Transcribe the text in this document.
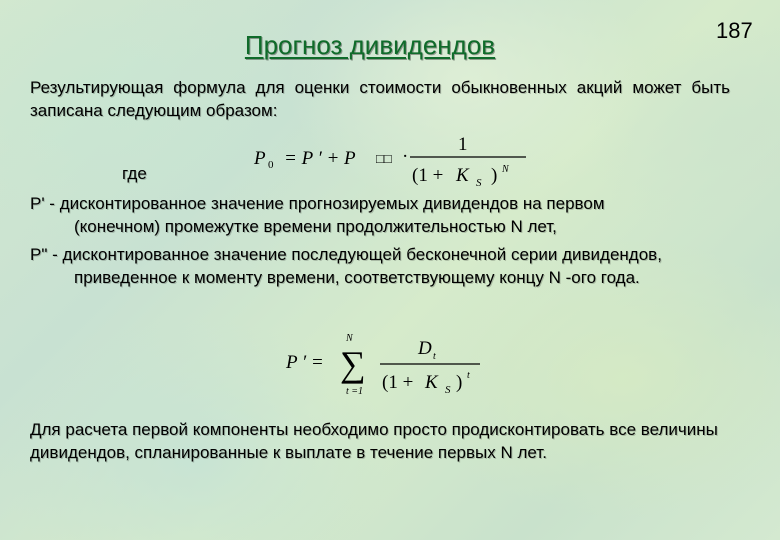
187
Прогноз дивидендов
Результирующая формула для оценки стоимости обыкновенных акций может быть записана следующим образом:
P 0 = P ′ + P □□ ·
1
(1 + K S ) N
где
P' - дисконтированное значение прогнозируемых дивидендов на первом
(конечном) промежутке времени продолжительностью N лет,
P" - дисконтированное значение последующей бесконечной серии дивидендов,
приведенное к моменту времени, соответствующему концу N -ого года.
P ′ =
N
∑
t =1
D t
(1 + K S ) t
Для расчета первой компоненты необходимо просто продисконтировать все величины дивидендов, спланированные к выплате в течение первых N лет.
